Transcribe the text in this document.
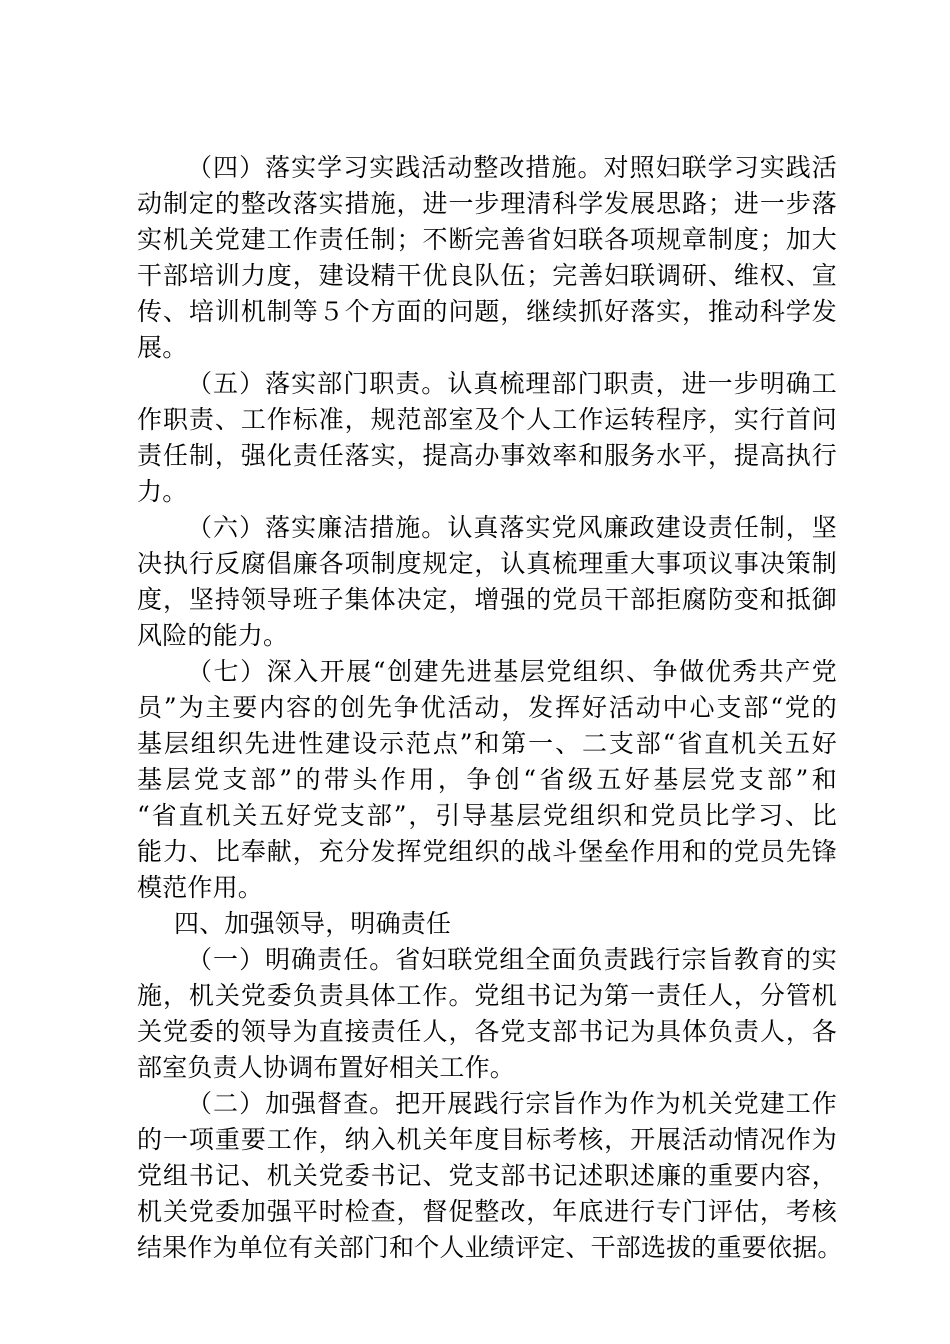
（四）落实学习实践活动整改措施。对照妇联学习实践活
动制定的整改落实措施，进一步理清科学发展思路；进一步落
实机关党建工作责任制；不断完善省妇联各项规章制度；加大
干部培训力度，建设精干优良队伍；完善妇联调研、维权、宣
传、培训机制等５个方面的问题，继续抓好落实，推动科学发
展。
（五）落实部门职责。认真梳理部门职责，进一步明确工
作职责、工作标准，规范部室及个人工作运转程序，实行首问
责任制，强化责任落实，提高办事效率和服务水平，提高执行
力。
（六）落实廉洁措施。认真落实党风廉政建设责任制，坚
决执行反腐倡廉各项制度规定，认真梳理重大事项议事决策制
度，坚持领导班子集体决定，增强的党员干部拒腐防变和抵御
风险的能力。
（七）深入开展“创建先进基层党组织、争做优秀共产党
员”为主要内容的创先争优活动，发挥好活动中心支部“党的
基层组织先进性建设示范点”和第一、二支部“省直机关五好
基层党支部”的带头作用，争创“省级五好基层党支部”和
“省直机关五好党支部”，引导基层党组织和党员比学习、比
能力、比奉献，充分发挥党组织的战斗堡垒作用和的党员先锋
模范作用。
四、加强领导，明确责任
（一）明确责任。省妇联党组全面负责践行宗旨教育的实
施，机关党委负责具体工作。党组书记为第一责任人，分管机
关党委的领导为直接责任人，各党支部书记为具体负责人，各
部室负责人协调布置好相关工作。
（二）加强督查。把开展践行宗旨作为作为机关党建工作
的一项重要工作，纳入机关年度目标考核，开展活动情况作为
党组书记、机关党委书记、党支部书记述职述廉的重要内容，
机关党委加强平时检查，督促整改，年底进行专门评估，考核
结果作为单位有关部门和个人业绩评定、干部选拔的重要依据。
